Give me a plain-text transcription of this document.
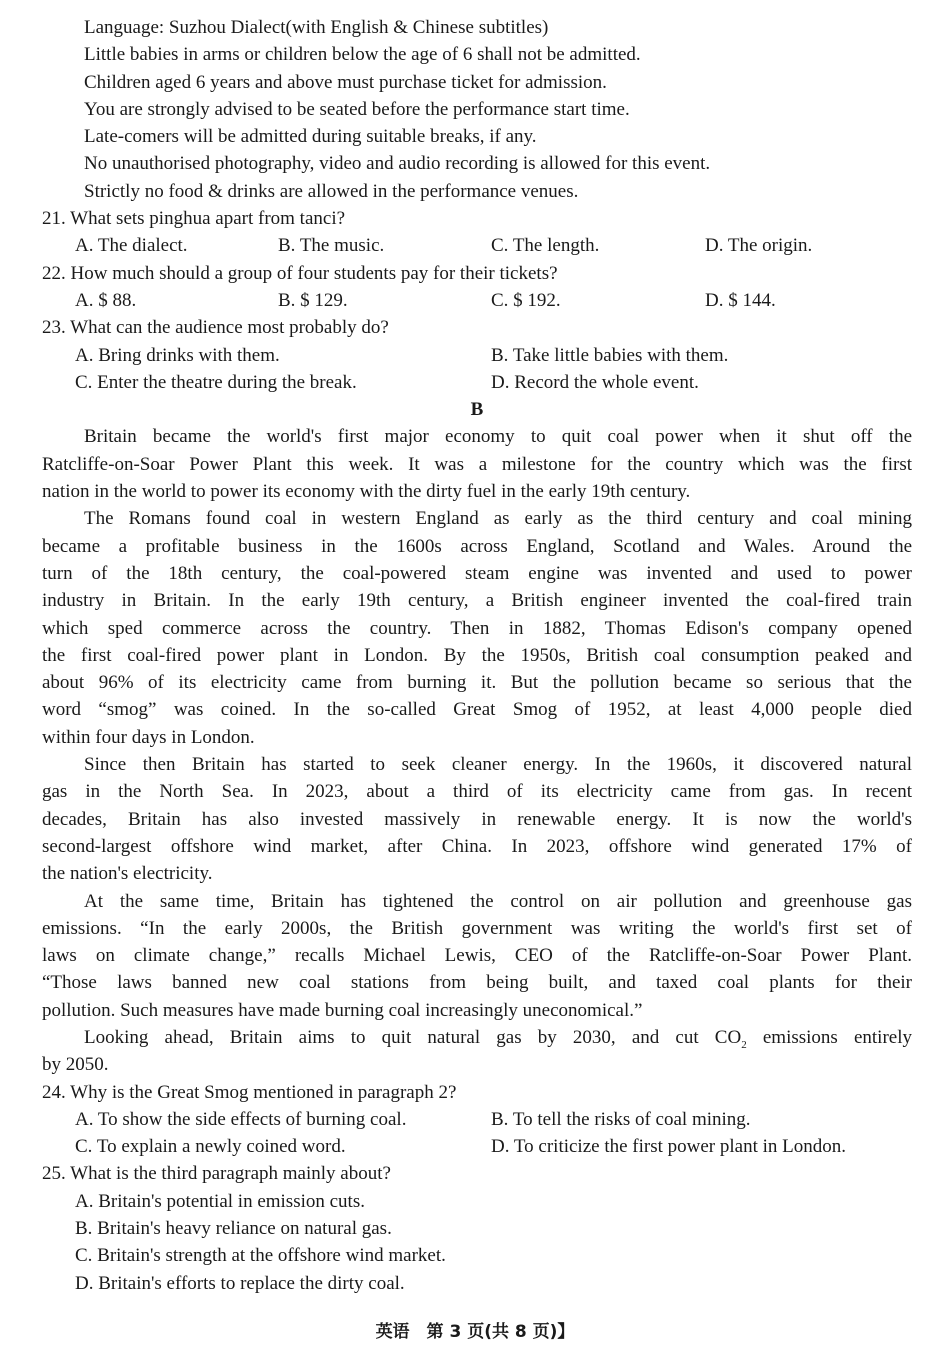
Language: Suzhou Dialect(with English & Chinese subtitles)
Little babies in arms or children below the age of 6 shall not be admitted.
Children aged 6 years and above must purchase ticket for admission.
You are strongly advised to be seated before the performance start time.
Late-comers will be admitted during suitable breaks, if any.
No unauthorised photography, video and audio recording is allowed for this event.
Strictly no food & drinks are allowed in the performance venues.
21. What sets pinghua apart from tanci?
A. The dialect.	B. The music.	C. The length.	D. The origin.
22. How much should a group of four students pay for their tickets?
A. $ 88.	B. $ 129.	C. $ 192.	D. $ 144.
23. What can the audience most probably do?
A. Bring drinks with them.	B. Take little babies with them.
C. Enter the theatre during the break.	D. Record the whole event.
B
Britain became the world's first major economy to quit coal power when it shut off the
Ratcliffe-on-Soar Power Plant this week. It was a milestone for the country which was the first
nation in the world to power its economy with the dirty fuel in the early 19th century.
The Romans found coal in western England as early as the third century and coal mining
became a profitable business in the 1600s across England, Scotland and Wales. Around the
turn of the 18th century, the coal-powered steam engine was invented and used to power
industry in Britain. In the early 19th century, a British engineer invented the coal-fired train
which sped commerce across the country. Then in 1882, Thomas Edison's company opened
the first coal-fired power plant in London. By the 1950s, British coal consumption peaked and
about 96% of its electricity came from burning it. But the pollution became so serious that the
word “smog” was coined. In the so-called Great Smog of 1952, at least 4,000 people died
within four days in London.
Since then Britain has started to seek cleaner energy. In the 1960s, it discovered natural
gas in the North Sea. In 2023, about a third of its electricity came from gas. In recent
decades, Britain has also invested massively in renewable energy. It is now the world's
second-largest offshore wind market, after China. In 2023, offshore wind generated 17% of
the nation's electricity.
At the same time, Britain has tightened the control on air pollution and greenhouse gas
emissions. “In the early 2000s, the British government was writing the world's first set of
laws on climate change,” recalls Michael Lewis, CEO of the Ratcliffe-on-Soar Power Plant.
“Those laws banned new coal stations from being built, and taxed coal plants for their
pollution. Such measures have made burning coal increasingly uneconomical.”
Looking ahead, Britain aims to quit natural gas by 2030, and cut $CO_2$ emissions entirely
by 2050.
24. Why is the Great Smog mentioned in paragraph 2?
A. To show the side effects of burning coal.	B. To tell the risks of coal mining.
C. To explain a newly coined word.	D. To criticize the first power plant in London.
25. What is the third paragraph mainly about?
A. Britain's potential in emission cuts.
B. Britain's heavy reliance on natural gas.
C. Britain's strength at the offshore wind market.
D. Britain's efforts to replace the dirty coal.
英语　第 3 页(共 8 页)】
